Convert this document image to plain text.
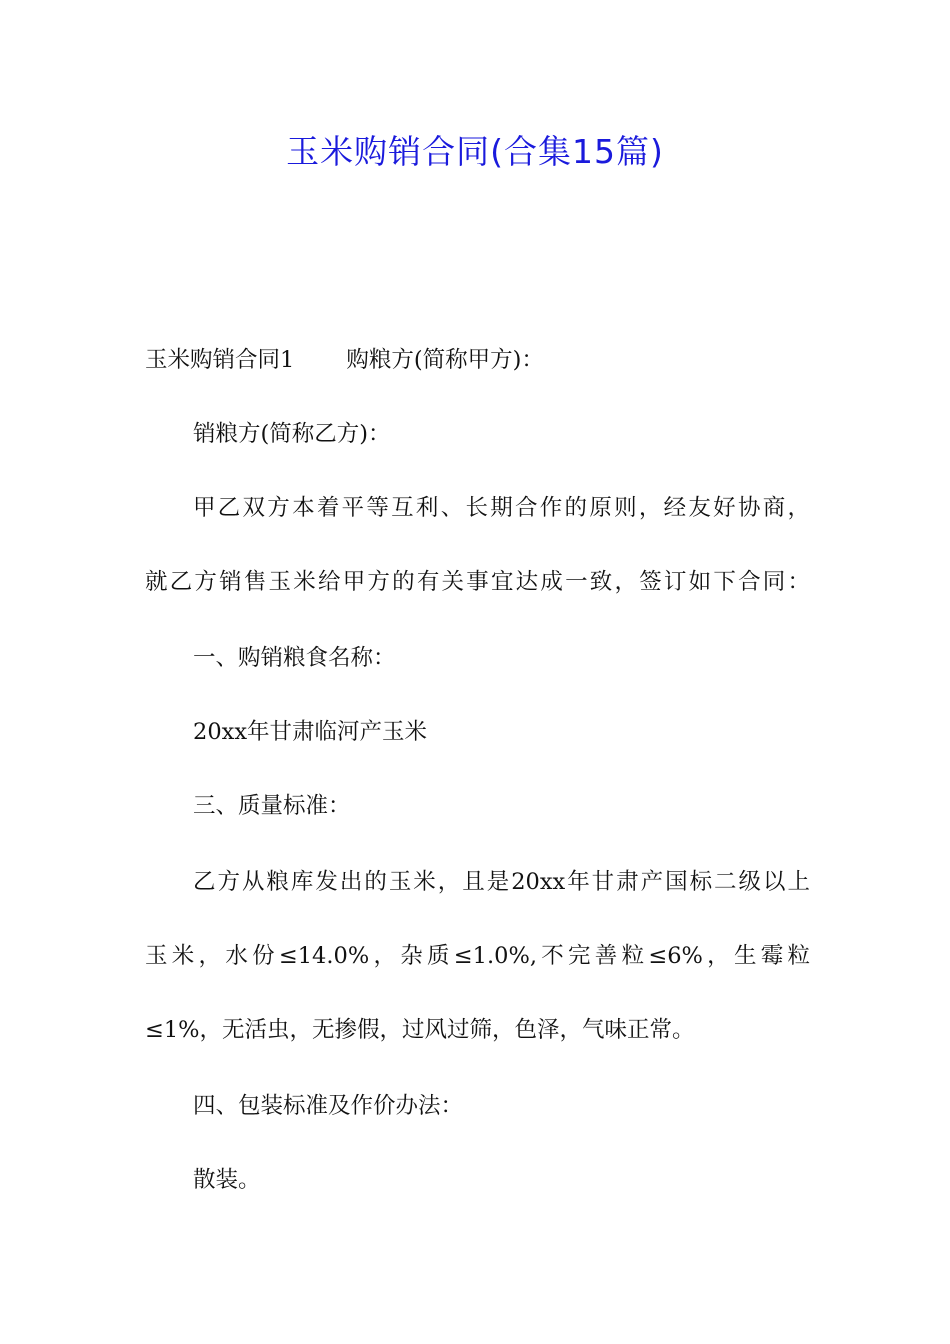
玉米购销合同(合集15篇)
玉米购销合同1 购粮方(简称甲方)：
销粮方(简称乙方)：
甲乙双方本着平等互利、长期合作的原则，经友好协商，
就乙方销售玉米给甲方的有关事宜达成一致，签订如下合同：
一、购销粮食名称：
20xx年甘肃临河产玉米
三、质量标准：
乙方从粮库发出的玉米，且是20xx年甘肃产国标二级以上
玉米，水份≤14.0%，杂质≤1.0%,不完善粒≤6%，生霉粒
≤1%，无活虫，无掺假，过风过筛，色泽，气味正常。
四、包装标准及作价办法：
散装。
